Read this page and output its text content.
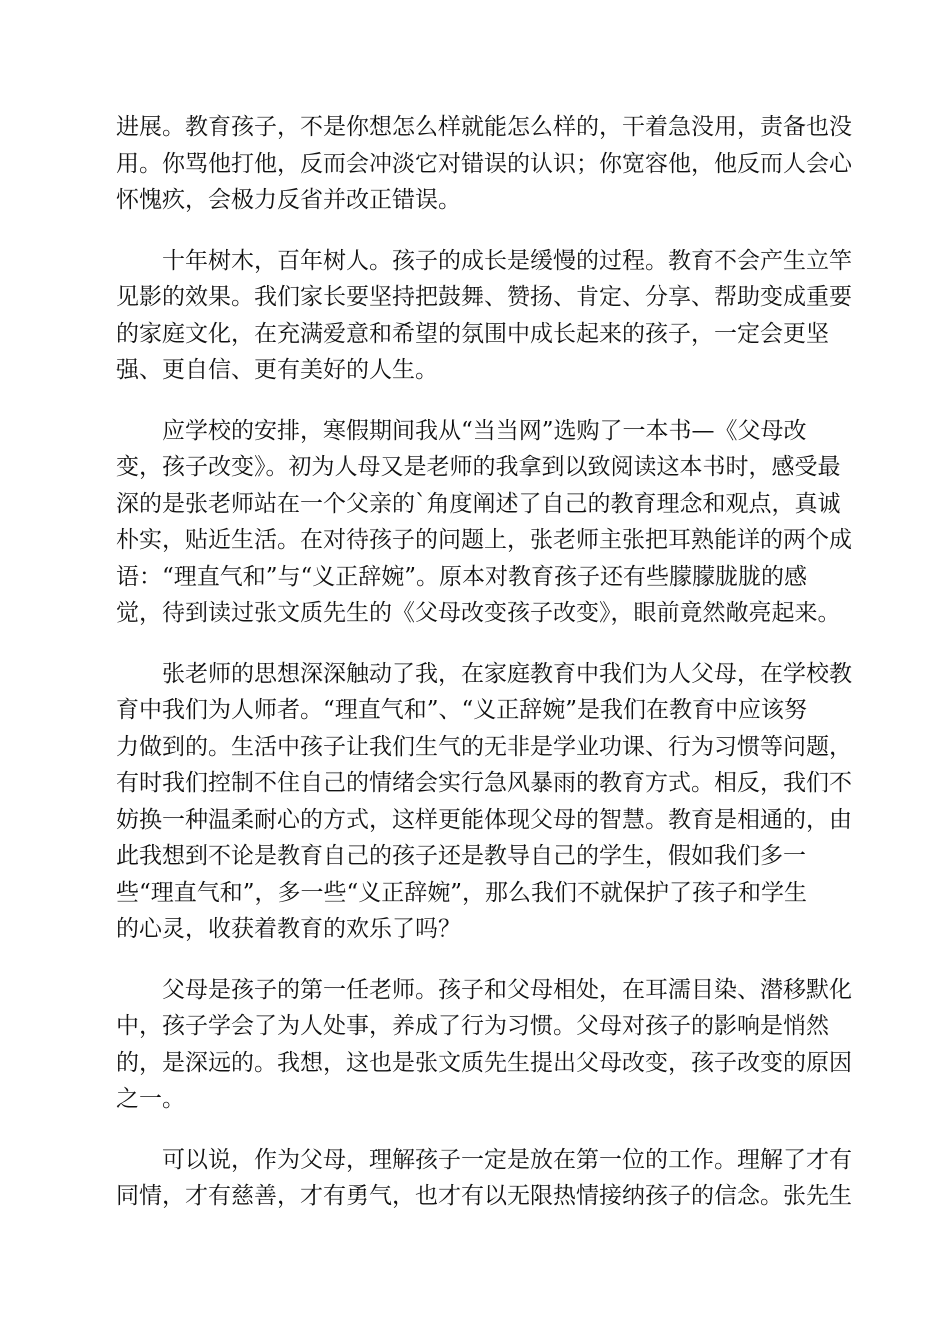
进展。教育孩子，不是你想怎么样就能怎么样的，干着急没用，责备也没
用。你骂他打他，反而会冲淡它对错误的认识；你宽容他，他反而人会心
怀愧疚，会极力反省并改正错误。
十年树木，百年树人。孩子的成长是缓慢的过程。教育不会产生立竿
见影的效果。我们家长要坚持把鼓舞、赞扬、肯定、分享、帮助变成重要
的家庭文化，在充满爱意和希望的氛围中成长起来的孩子，一定会更坚
强、更自信、更有美好的人生。
应学校的安排，寒假期间我从“当当网”选购了一本书—《父母改
变，孩子改变》。初为人母又是老师的我拿到以致阅读这本书时，感受最
深的是张老师站在一个父亲的`角度阐述了自己的教育理念和观点，真诚
朴实，贴近生活。在对待孩子的问题上，张老师主张把耳熟能详的两个成
语：“理直气和”与“义正辞婉”。原本对教育孩子还有些朦朦胧胧的感
觉，待到读过张文质先生的《父母改变孩子改变》，眼前竟然敞亮起来。
张老师的思想深深触动了我，在家庭教育中我们为人父母，在学校教
育中我们为人师者。“理直气和”、“义正辞婉”是我们在教育中应该努
力做到的。生活中孩子让我们生气的无非是学业功课、行为习惯等问题，
有时我们控制不住自己的情绪会实行急风暴雨的教育方式。相反，我们不
妨换一种温柔耐心的方式，这样更能体现父母的智慧。教育是相通的，由
此我想到不论是教育自己的孩子还是教导自己的学生，假如我们多一
些“理直气和”，多一些“义正辞婉”，那么我们不就保护了孩子和学生
的心灵，收获着教育的欢乐了吗？
父母是孩子的第一任老师。孩子和父母相处，在耳濡目染、潜移默化
中，孩子学会了为人处事，养成了行为习惯。父母对孩子的影响是悄然
的，是深远的。我想，这也是张文质先生提出父母改变，孩子改变的原因
之一。
可以说，作为父母，理解孩子一定是放在第一位的工作。理解了才有
同情，才有慈善，才有勇气，也才有以无限热情接纳孩子的信念。张先生
